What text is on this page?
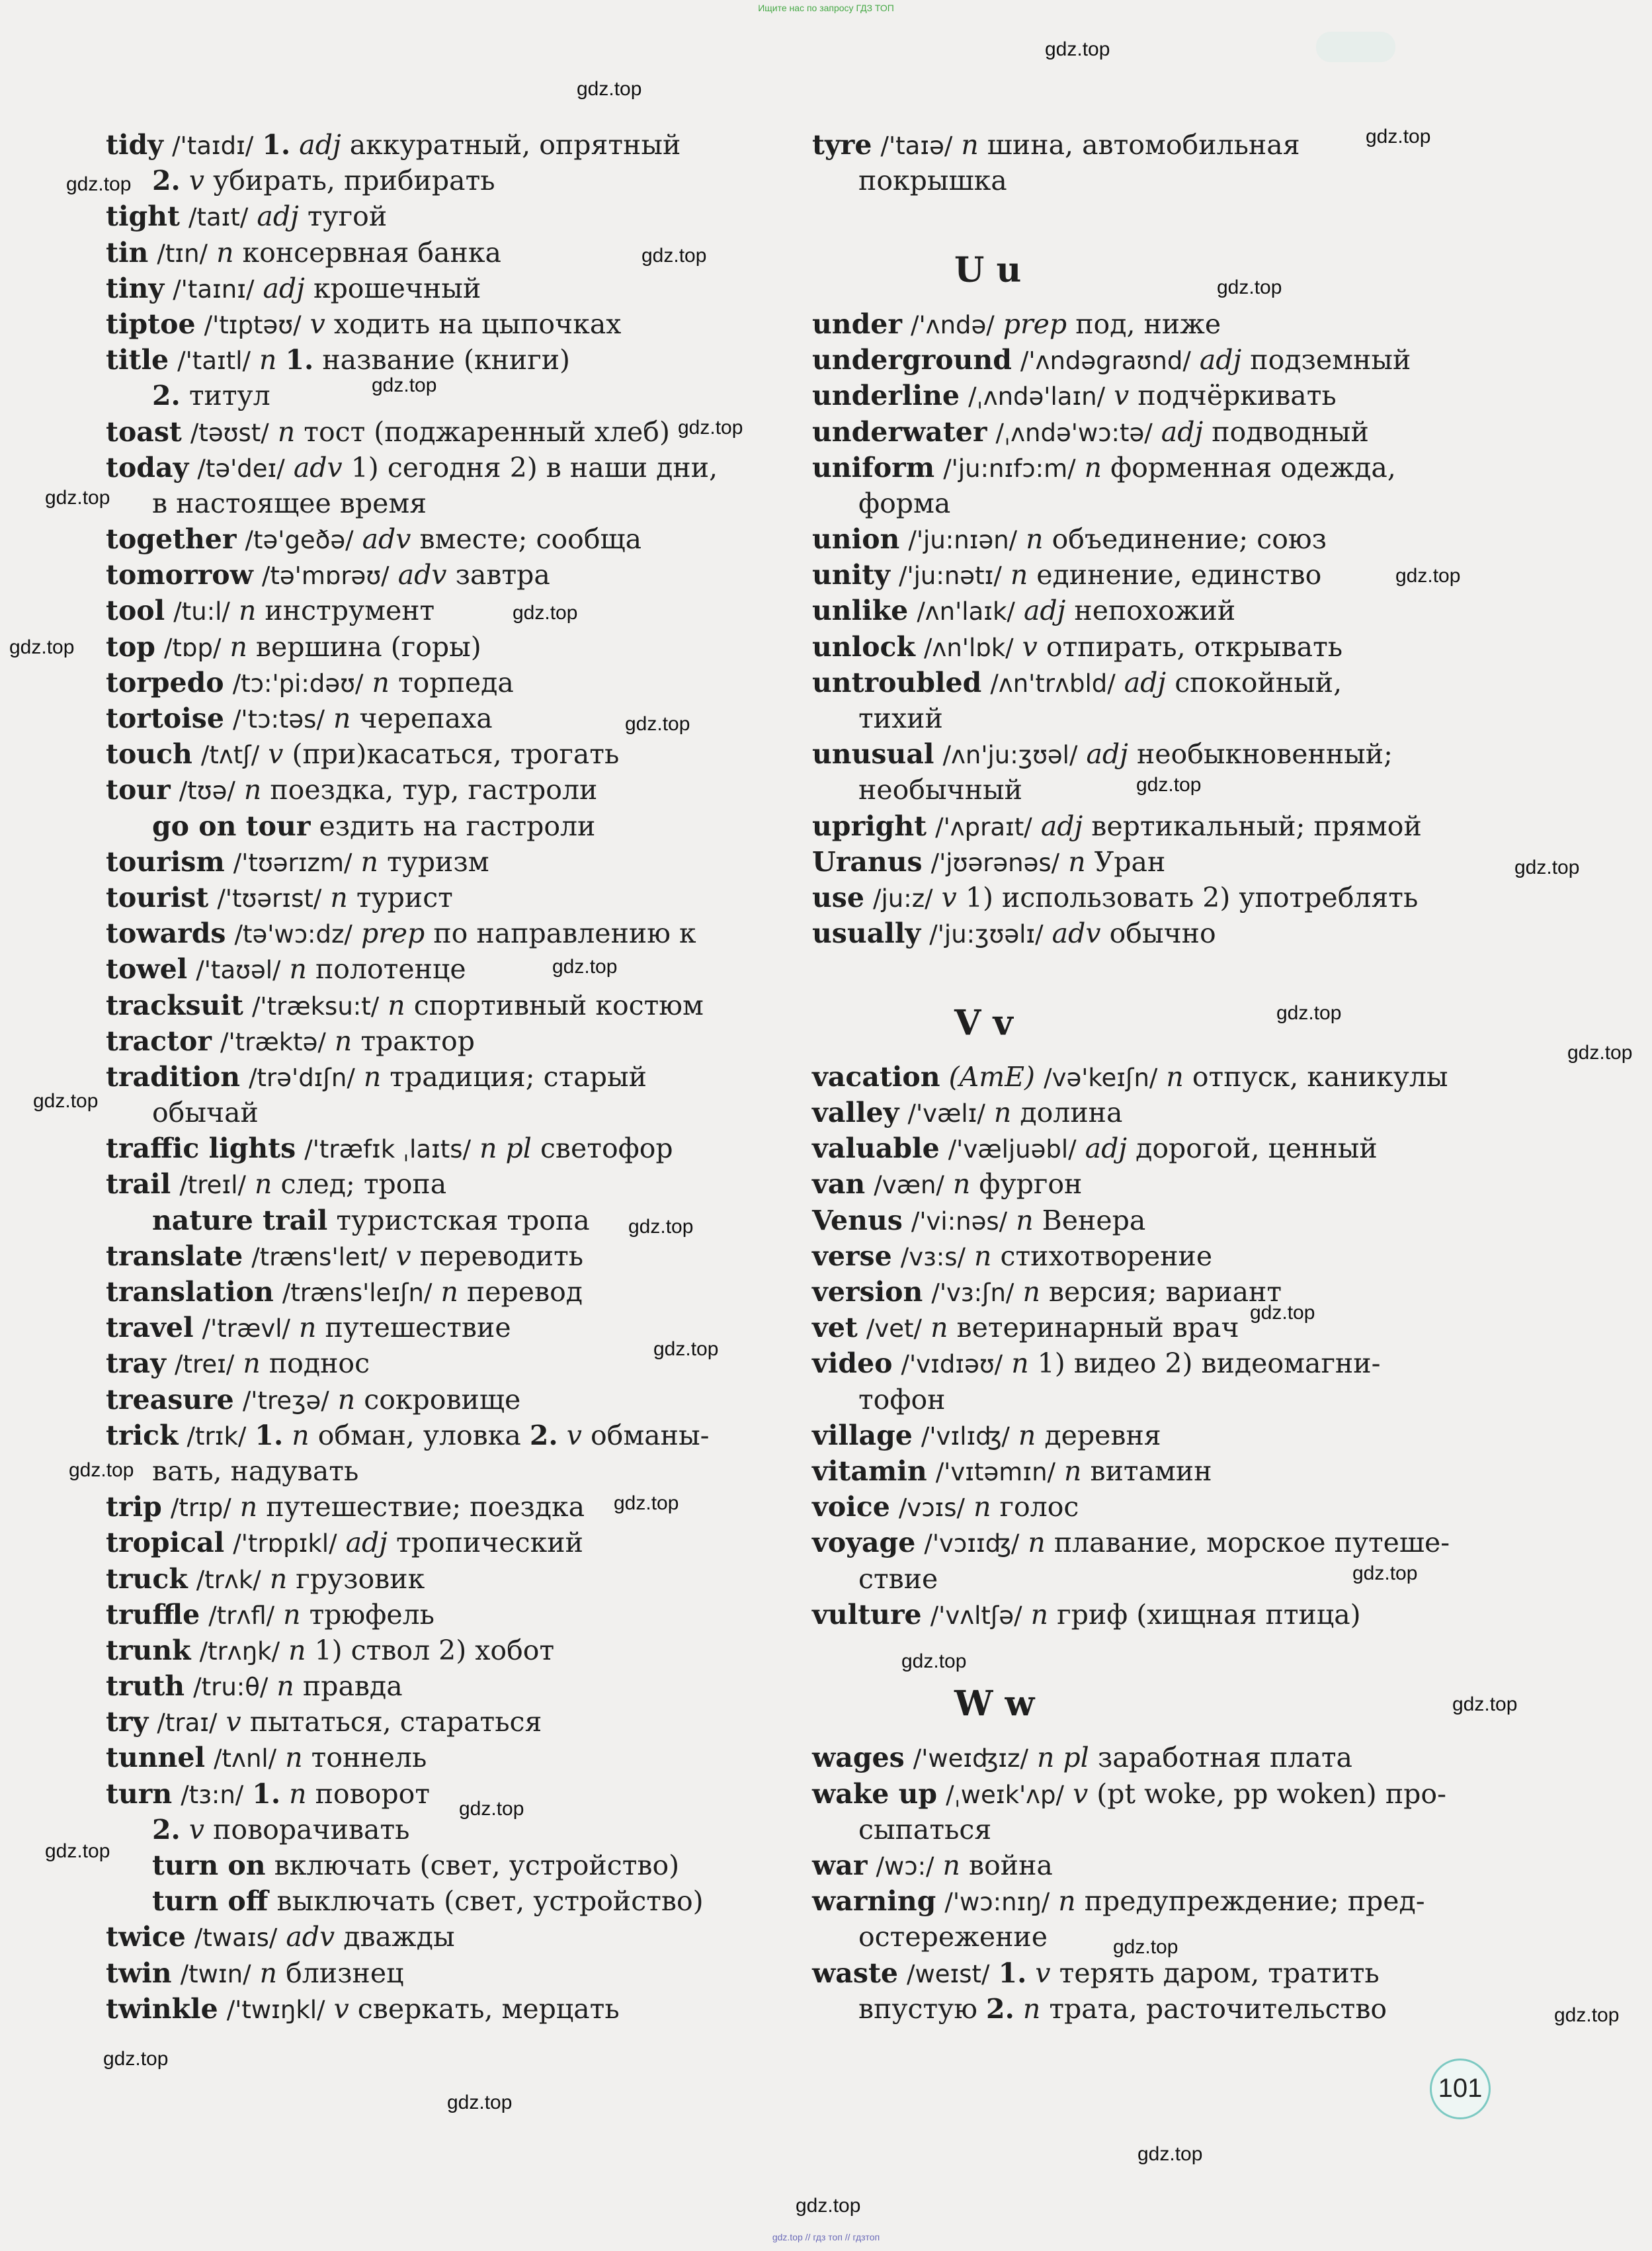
Ищите нас по запросу ГДЗ ТОП
tidy /'taɪdɪ/ 1. adj аккуратный, опрятный
2. v убирать, прибирать
tight /taɪt/ adj тугой
tin /tɪn/ n консервная банка
tiny /'taɪnɪ/ adj крошечный
tiptoe /'tɪptəʊ/ v ходить на цыпочках
title /'taɪtl/ n 1. название (книги)
2. титул
toast /təʊst/ n тост (поджаренный хлеб)
today /tə'deɪ/ adv 1) сегодня 2) в наши дни,
в настоящее время
together /tə'geðə/ adv вместе; сообща
tomorrow /tə'mɒrəʊ/ adv завтра
tool /tu:l/ n инструмент
top /tɒp/ n вершина (горы)
torpedo /tɔ:'pi:dəʊ/ n торпеда
tortoise /'tɔ:təs/ n черепаха
touch /tʌtʃ/ v (при)касаться, трогать
tour /tʊə/ n поездка, тур, гастроли
go on tour ездить на гастроли
tourism /'tʊərɪzm/ n туризм
tourist /'tʊərɪst/ n турист
towards /tə'wɔ:dz/ prep по направлению к
towel /'taʊəl/ n полотенце
tracksuit /'træksu:t/ n спортивный костюм
tractor /'træktə/ n трактор
tradition /trə'dɪʃn/ n традиция; старый
обычай
traffic lights /'træfɪk ˌlaɪts/ n pl светофор
trail /treɪl/ n след; тропа
nature trail туристская тропа
translate /træns'leɪt/ v переводить
translation /træns'leɪʃn/ n перевод
travel /'trævl/ n путешествие
tray /treɪ/ n поднос
treasure /'treʒə/ n сокровище
trick /trɪk/ 1. n обман, уловка 2. v обманы-
вать, надувать
trip /trɪp/ n путешествие; поездка
tropical /'trɒpɪkl/ adj тропический
truck /trʌk/ n грузовик
truffle /trʌfl/ n трюфель
trunk /trʌŋk/ n 1) ствол 2) хобот
truth /tru:θ/ n правда
try /traɪ/ v пытаться, стараться
tunnel /tʌnl/ n тоннель
turn /tɜ:n/ 1. n поворот
2. v поворачивать
turn on включать (свет, устройство)
turn off выключать (свет, устройство)
twice /twaɪs/ adv дважды
twin /twɪn/ n близнец
twinkle /'twɪŋkl/ v сверкать, мерцать
tyre /'taɪə/ n шина, автомобильная
покрышка
U u
under /'ʌndə/ prep под, ниже
underground /'ʌndəgraʊnd/ adj подземный
underline /ˌʌndə'laɪn/ v подчёркивать
underwater /ˌʌndə'wɔ:tə/ adj подводный
uniform /'ju:nɪfɔ:m/ n форменная одежда,
форма
union /'ju:nɪən/ n объединение; союз
unity /'ju:nətɪ/ n единение, единство
unlike /ʌn'laɪk/ adj непохожий
unlock /ʌn'lɒk/ v отпирать, открывать
untroubled /ʌn'trʌbld/ adj спокойный,
тихий
unusual /ʌn'ju:ʒʊəl/ adj необыкновенный;
необычный
upright /'ʌpraɪt/ adj вертикальный; прямой
Uranus /'jʊərənəs/ n Уран
use /ju:z/ v 1) использовать 2) употреблять
usually /'ju:ʒʊəlɪ/ adv обычно
V v
vacation (AmE) /və'keɪʃn/ n отпуск, каникулы
valley /'vælɪ/ n долина
valuable /'væljuəbl/ adj дорогой, ценный
van /væn/ n фургон
Venus /'vi:nəs/ n Венера
verse /vɜ:s/ n стихотворение
version /'vɜ:ʃn/ n версия; вариант
vet /vet/ n ветеринарный врач
video /'vɪdɪəʊ/ n 1) видео 2) видеомагни-
тофон
village /'vɪlɪʤ/ n деревня
vitamin /'vɪtəmɪn/ n витамин
voice /vɔɪs/ n голос
voyage /'vɔɪɪʤ/ n плавание, морское путеше-
ствие
vulture /'vʌltʃə/ n гриф (хищная птица)
W w
wages /'weɪʤɪz/ n pl заработная плата
wake up /ˌweɪk'ʌp/ v (pt woke, pp woken) про-
сыпаться
war /wɔ:/ n война
warning /'wɔ:nɪŋ/ n предупреждение; пред-
остережение
waste /weɪst/ 1. v терять даром, тратить
впустую 2. n трата, расточительство
101
gdz.top // гдз топ // гдзтоп
gdz.top
gdz.top
gdz.top
gdz.top
gdz.top
gdz.top
gdz.top
gdz.top
gdz.top
gdz.top
gdz.top
gdz.top
gdz.top
gdz.top
gdz.top
gdz.top
gdz.top
gdz.top
gdz.top
gdz.top
gdz.top
gdz.top
gdz.top
gdz.top
gdz.top
gdz.top
gdz.top
gdz.top
gdz.top
gdz.top
gdz.top
gdz.top
gdz.top
gdz.top
gdz.top
